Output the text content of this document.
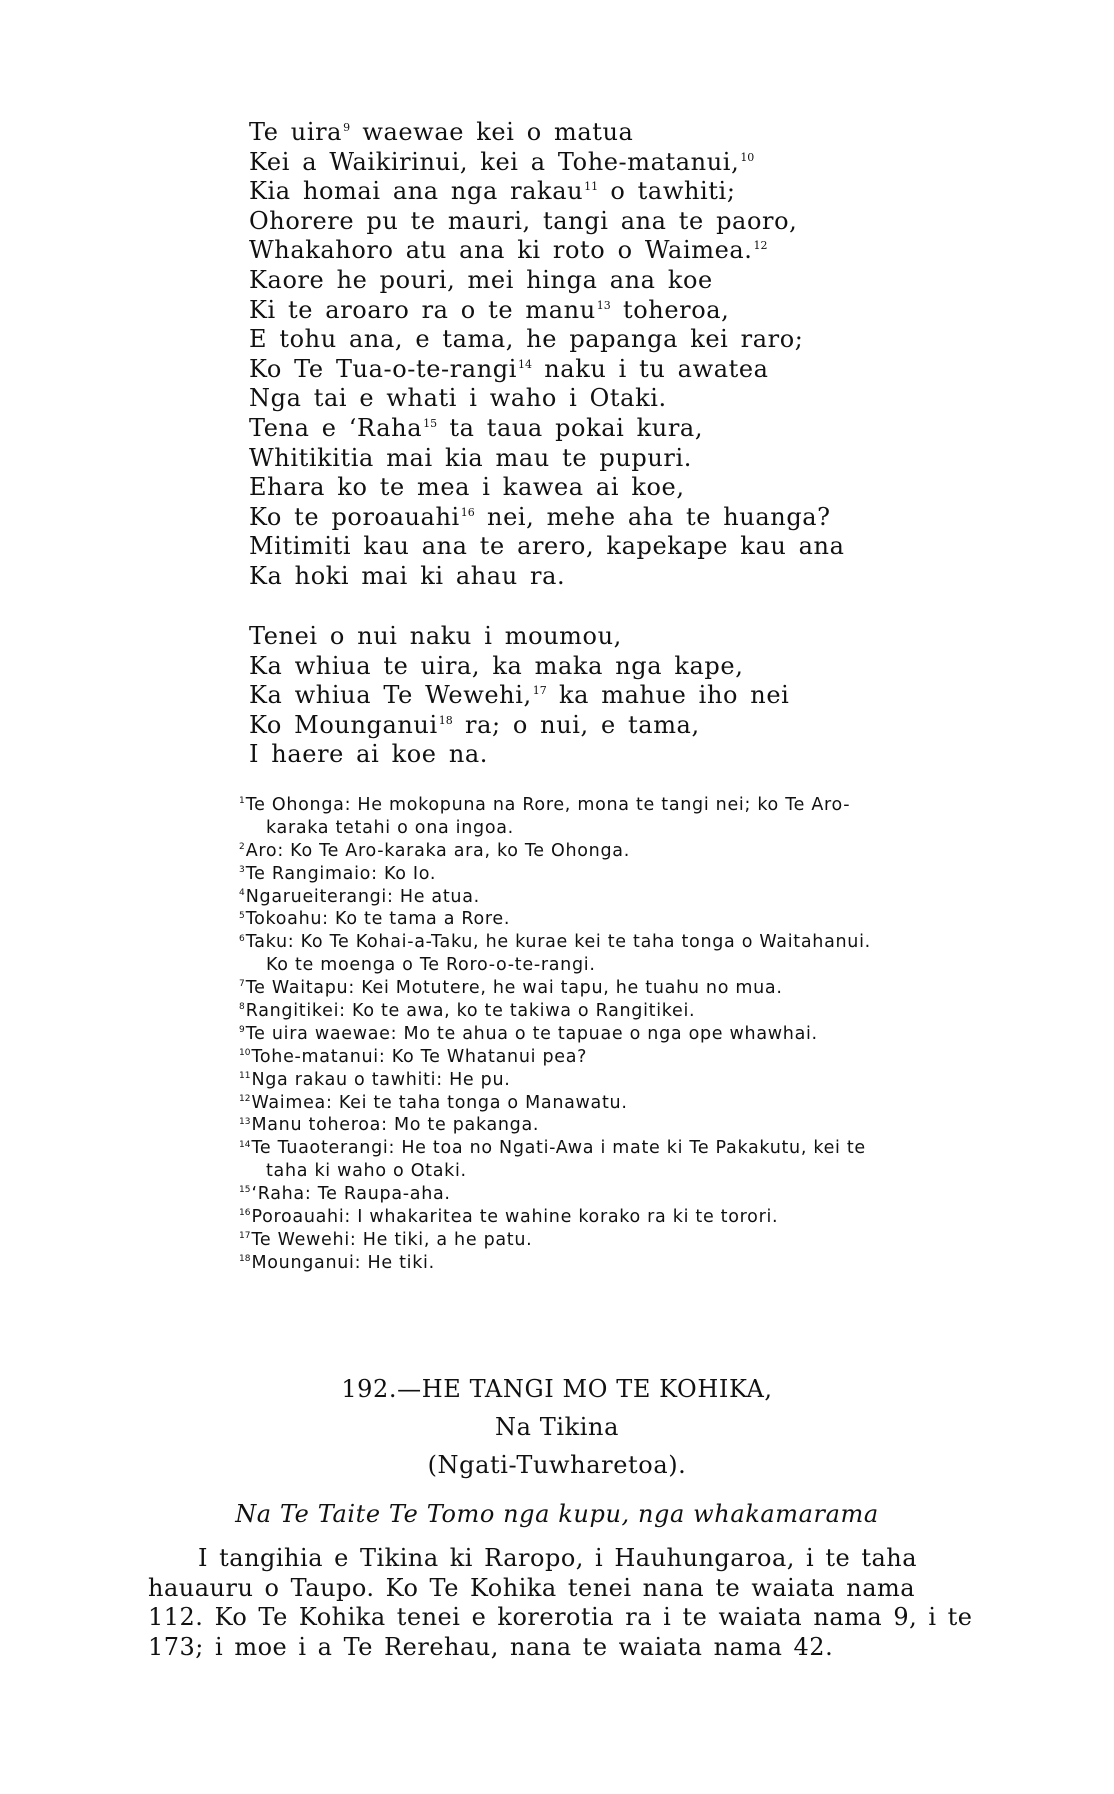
Te uira$^9$ waewae kei o matua
Kei a Waikirinui, kei a Tohe-matanui,$^{10}$
Kia homai ana nga rakau$^{11}$ o tawhiti;
Ohorere pu te mauri, tangi ana te paoro,
Whakahoro atu ana ki roto o Waimea.$^{12}$
Kaore he pouri, mei hinga ana koe
Ki te aroaro ra o te manu$^{13}$ toheroa,
E tohu ana, e tama, he papanga kei raro;
Ko Te Tua-o-te-rangi$^{14}$ naku i tu awatea
Nga tai e whati i waho i Otaki.
Tena e ‘Raha$^{15}$ ta taua pokai kura,
Whitikitia mai kia mau te pupuri.
Ehara ko te mea i kawea ai koe,
Ko te poroauahi$^{16}$ nei, mehe aha te huanga?
Mitimiti kau ana te arero, kapekape kau ana
Ka hoki mai ki ahau ra.
Tenei o nui naku i moumou,
Ka whiua te uira, ka maka nga kape,
Ka whiua Te Wewehi,$^{17}$ ka mahue iho nei
Ko Mounganui$^{18}$ ra; o nui, e tama,
I haere ai koe na.
$^1$Te Ohonga: He mokopuna na Rore, mona te tangi nei; ko Te Aro-
karaka tetahi o ona ingoa.
$^2$Aro: Ko Te Aro-karaka ara, ko Te Ohonga.
$^3$Te Rangimaio: Ko Io.
$^4$Ngarueiterangi: He atua.
$^5$Tokoahu: Ko te tama a Rore.
$^6$Taku: Ko Te Kohai-a-Taku, he kurae kei te taha tonga o Waitahanui.
Ko te moenga o Te Roro-o-te-rangi.
$^7$Te Waitapu: Kei Motutere, he wai tapu, he tuahu no mua.
$^8$Rangitikei: Ko te awa, ko te takiwa o Rangitikei.
$^9$Te uira waewae: Mo te ahua o te tapuae o nga ope whawhai.
$^{10}$Tohe-matanui: Ko Te Whatanui pea?
$^{11}$Nga rakau o tawhiti: He pu.
$^{12}$Waimea: Kei te taha tonga o Manawatu.
$^{13}$Manu toheroa: Mo te pakanga.
$^{14}$Te Tuaoterangi: He toa no Ngati-Awa i mate ki Te Pakakutu, kei te
taha ki waho o Otaki.
$^{15}$‘Raha: Te Raupa-aha.
$^{16}$Poroauahi: I whakaritea te wahine korako ra ki te torori.
$^{17}$Te Wewehi: He tiki, a he patu.
$^{18}$Mounganui: He tiki.
192.—HE TANGI MO TE KOHIKA,
Na Tikina
(Ngati-Tuwharetoa).
Na Te Taite Te Tomo nga kupu, nga whakamarama
I tangihia e Tikina ki Raropo, i Hauhungaroa, i te taha
hauauru o Taupo. Ko Te Kohika tenei nana te waiata nama
112. Ko Te Kohika tenei e korerotia ra i te waiata nama 9, i te
173; i moe i a Te Rerehau, nana te waiata nama 42.
